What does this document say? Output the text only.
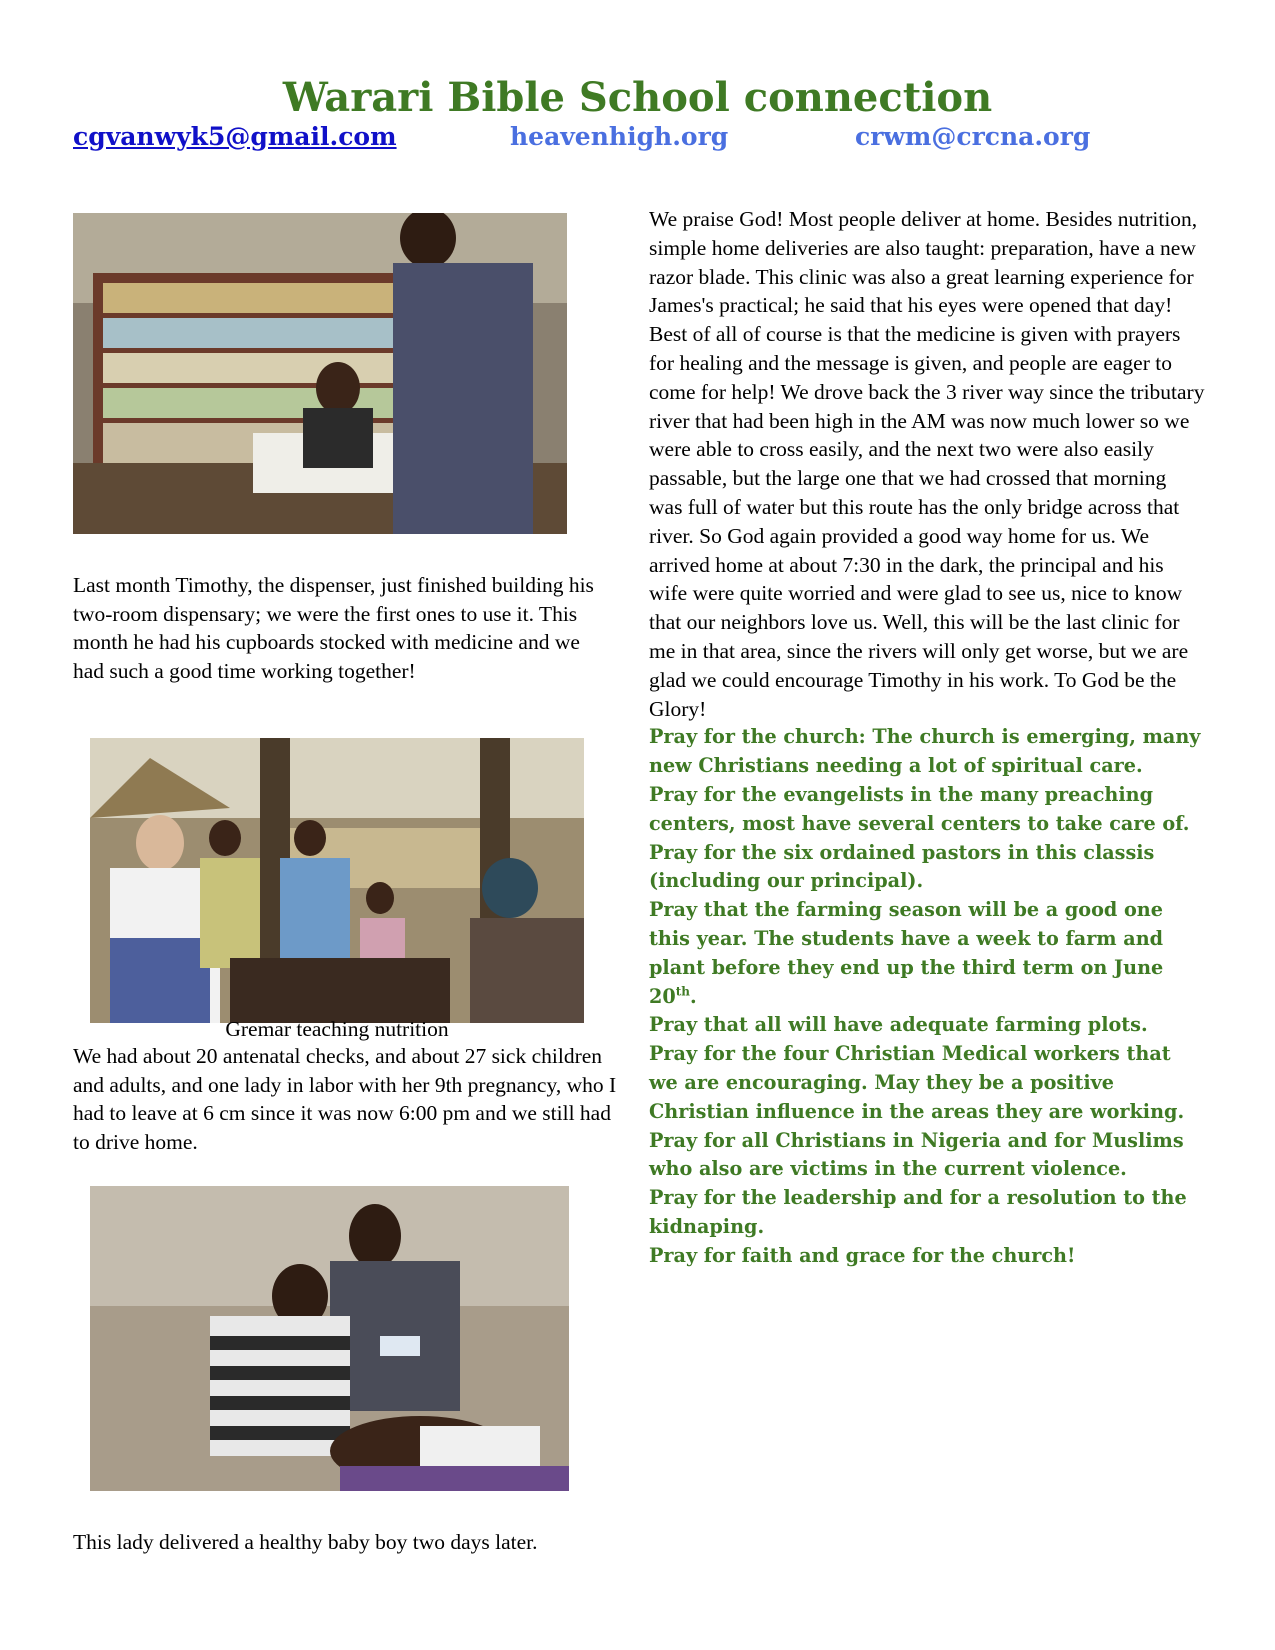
Warari Bible School connection
cgvanwyk5@gmail.com	heavenhigh.org	crwm@crcna.org
Last month Timothy, the dispenser, just finished building his two-room dispensary; we were the first ones to use it. This month he had his cupboards stocked with medicine and we had such a good time working together!
Gremar teaching nutrition
We had about 20 antenatal checks, and about 27 sick children and adults, and one lady in labor with her 9th pregnancy, who I had to leave at 6 cm since it was now 6:00 pm and we still had to drive home.
This lady delivered a healthy baby boy two days later.

We praise God! Most people deliver at home. Besides nutrition, simple home deliveries are also taught: preparation, have a new razor blade. This clinic was also a great learning experience for James's practical; he said that his eyes were opened that day! Best of all of course is that the medicine is given with prayers for healing and the message is given, and people are eager to come for help! We drove back the 3 river way since the tributary river that had been high in the AM was now much lower so we were able to cross easily, and the next two were also easily passable, but the large one that we had crossed that morning was full of water but this route has the only bridge across that river. So God again provided a good way home for us. We arrived home at about 7:30 in the dark, the principal and his wife were quite worried and were glad to see us, nice to know that our neighbors love us. Well, this will be the last clinic for me in that area, since the rivers will only get worse, but we are glad we could encourage Timothy in his work. To God be the Glory!

Pray for the church: The church is emerging, many new Christians needing a lot of spiritual care.

Pray for the evangelists in the many preaching centers, most have several centers to take care of.

Pray for the six ordained pastors in this classis (including our principal).

Pray that the farming season will be a good one this year. The students have a week to farm and plant before they end up the third term on June 20th.

Pray that all will have adequate farming plots.

Pray for the four Christian Medical workers that we are encouraging. May they be a positive Christian influence in the areas they are working.

Pray for all Christians in Nigeria and for Muslims who also are victims in the current violence.

Pray for the leadership and for a resolution to the kidnaping.

Pray for faith and grace for the church!
